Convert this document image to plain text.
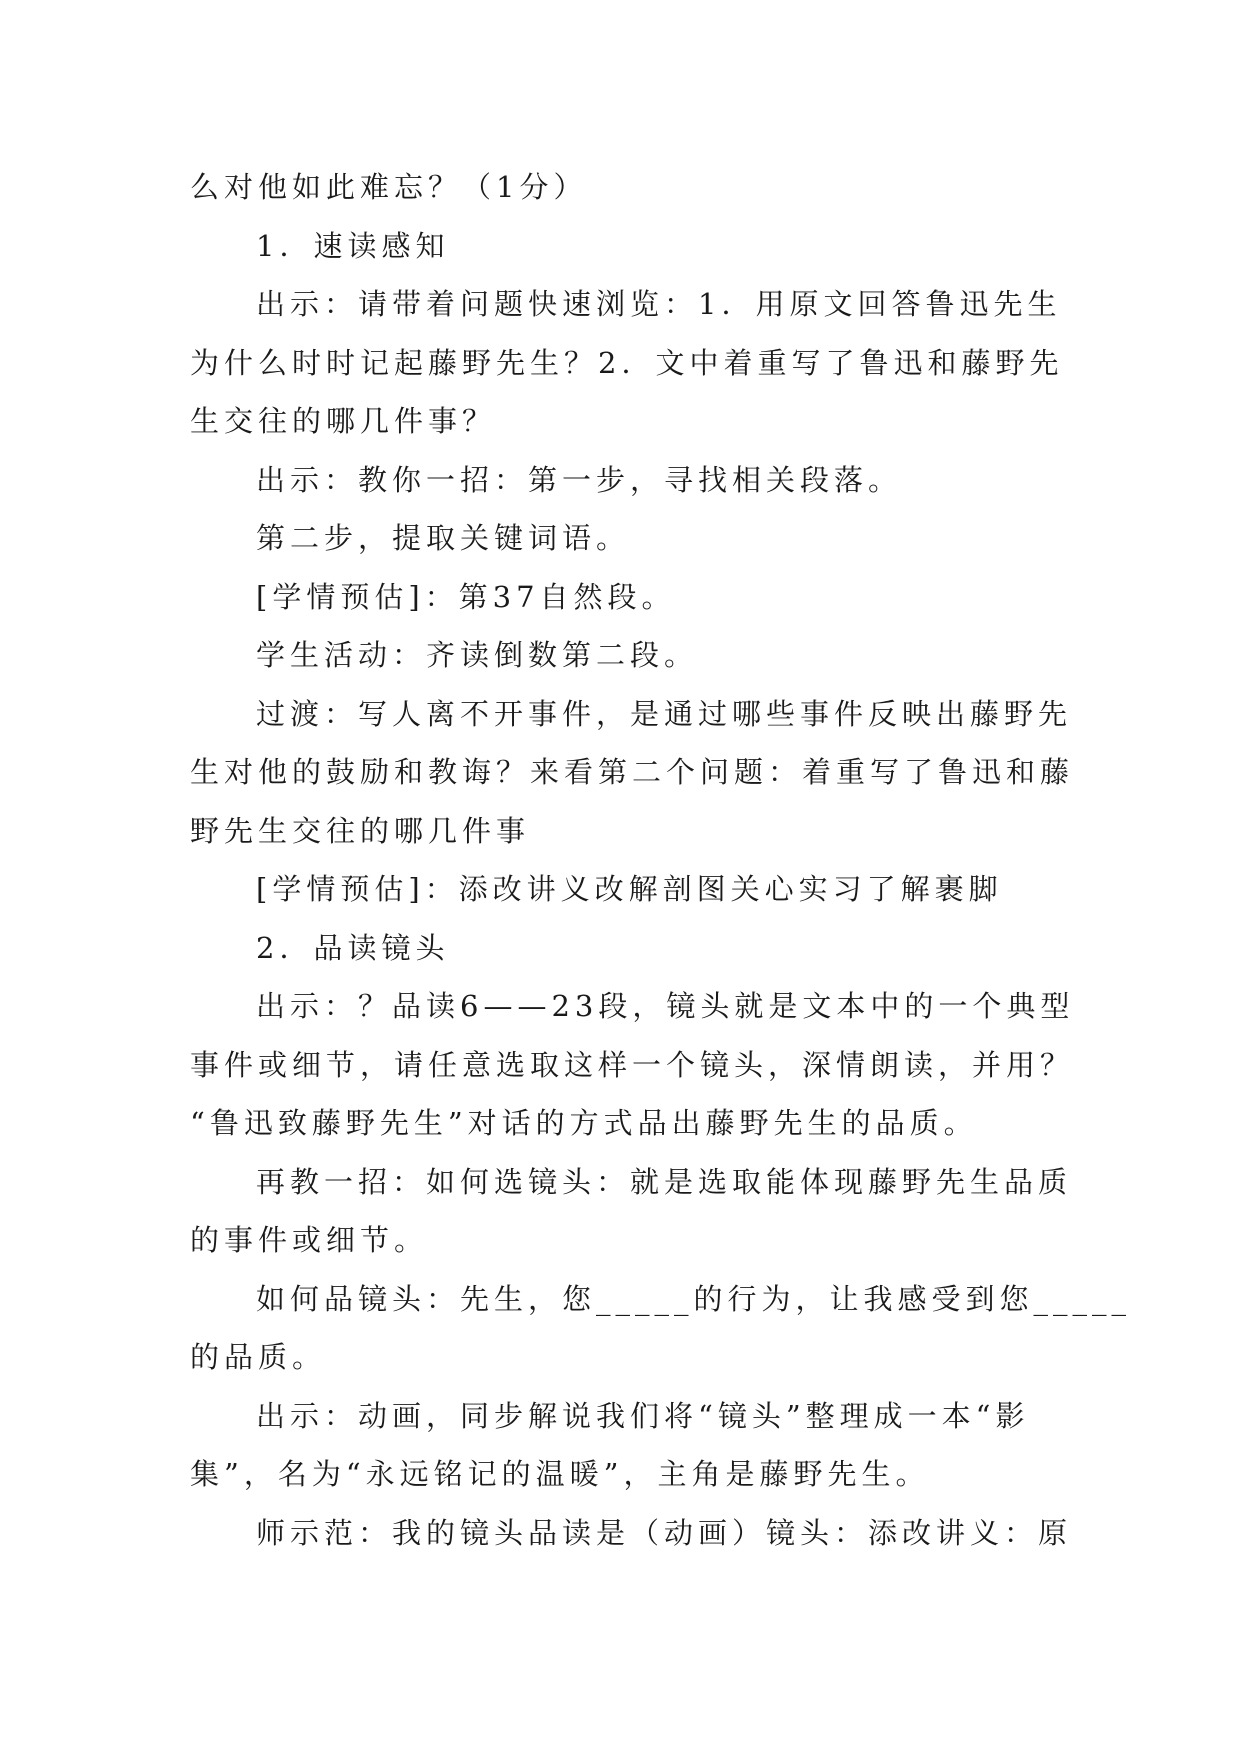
么对他如此难忘？（1分）
1．速读感知
出示：请带着问题快速浏览：1．用原文回答鲁迅先生
为什么时时记起藤野先生？2．文中着重写了鲁迅和藤野先
生交往的哪几件事？
出示：教你一招：第一步，寻找相关段落。
第二步，提取关键词语。
[学情预估]：第37自然段。
学生活动：齐读倒数第二段。
过渡：写人离不开事件，是通过哪些事件反映出藤野先
生对他的鼓励和教诲？来看第二个问题：着重写了鲁迅和藤
野先生交往的哪几件事
[学情预估]：添改讲义改解剖图关心实习了解裹脚
2．品读镜头
出示：？品读6——23段，镜头就是文本中的一个典型
事件或细节，请任意选取这样一个镜头，深情朗读，并用？
“鲁迅致藤野先生”对话的方式品出藤野先生的品质。
再教一招：如何选镜头：就是选取能体现藤野先生品质
的事件或细节。
如何品镜头：先生，您_____的行为，让我感受到您_____
的品质。
出示：动画，同步解说我们将“镜头”整理成一本“影
集”，名为“永远铭记的温暖”，主角是藤野先生。
师示范：我的镜头品读是（动画）镜头：添改讲义：原
